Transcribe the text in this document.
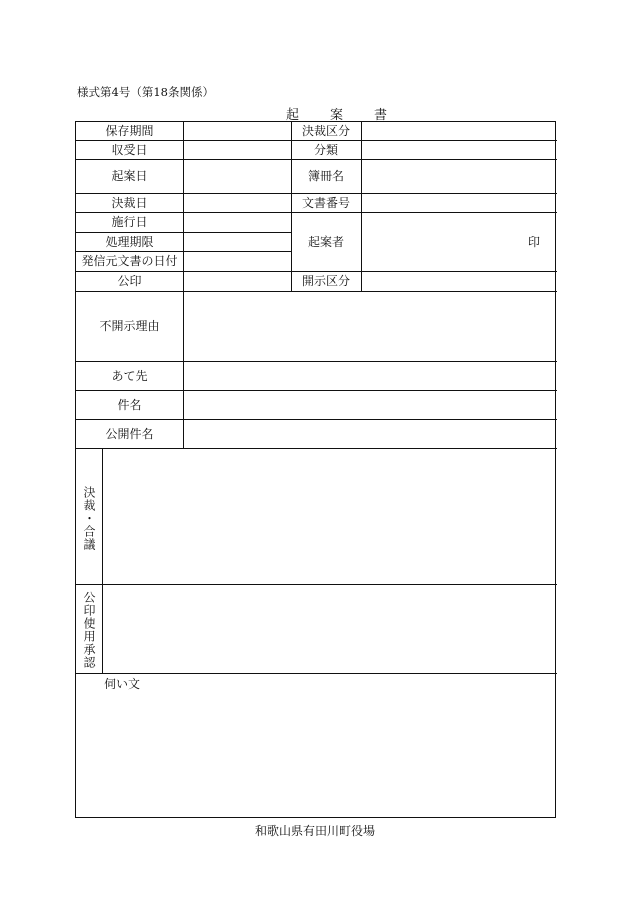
様式第4号（第18条関係）
起　案　書
保存期間
収受日
起案日
決裁日
施行日
処理期限
発信元文書の日付
公印
決裁区分
分類
簿冊名
文書番号
起案者
開示区分
印
不開示理由
あて先
件名
公開件名
決裁・合議
公印使用承認
伺い文
和歌山県有田川町役場
